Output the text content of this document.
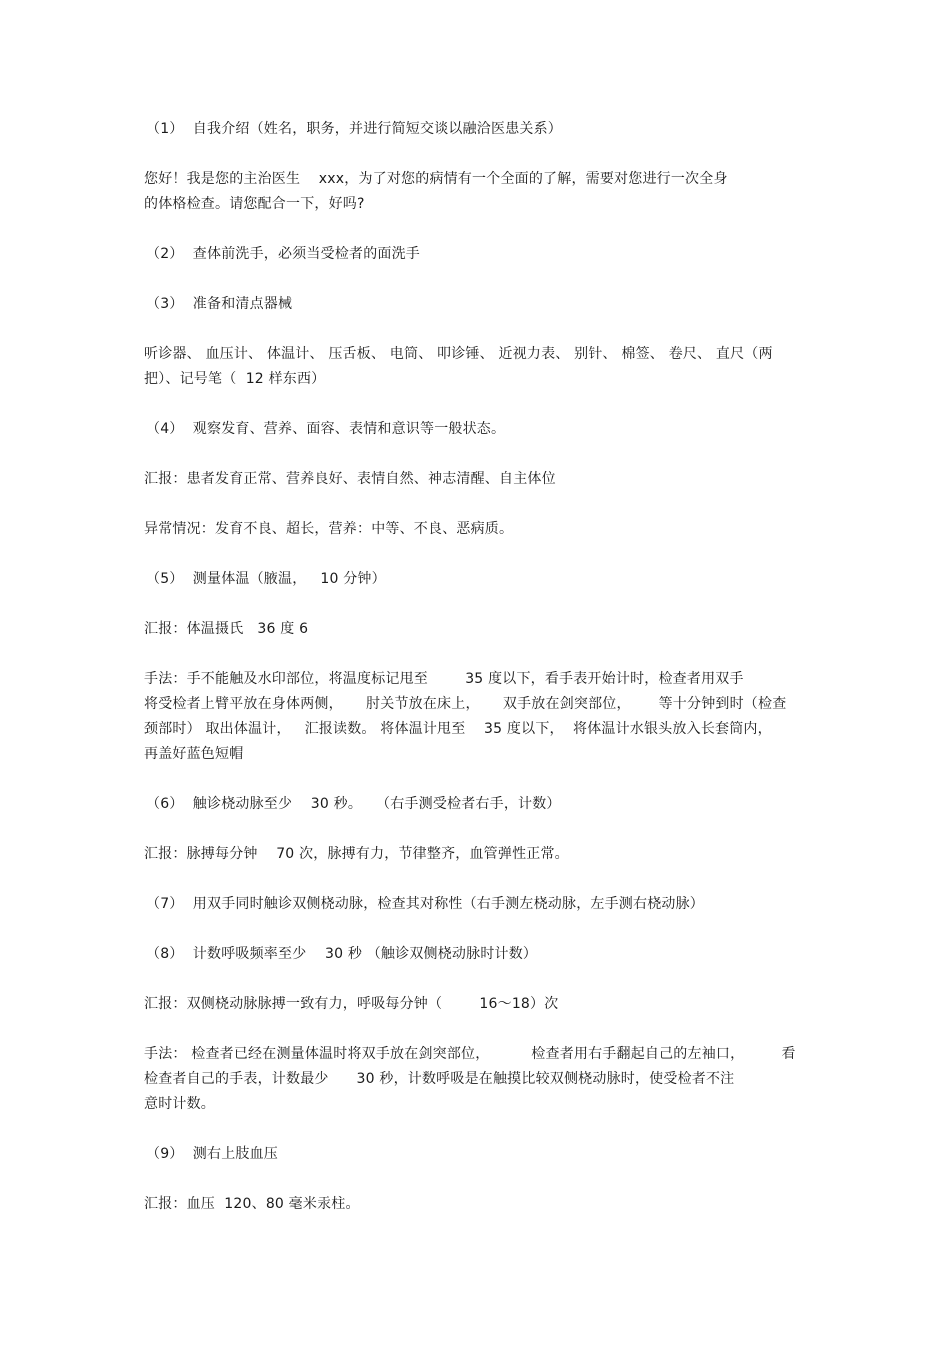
（1）  自我介绍（姓名，职务，并进行简短交谈以融洽医患关系）
您好！我是您的主治医生    xxx，为了对您的病情有一个全面的了解，需要对您进行一次全身
的体格检查。请您配合一下，好吗?
（2）  查体前洗手，必须当受检者的面洗手
（3）  准备和清点器械
听诊器、 血压计、 体温计、 压舌板、 电筒、 叩诊锤、 近视力表、 别针、 棉签、 卷尺、 直尺（两
把）、记号笔（  12 样东西）
（4）  观察发育、营养、面容、表情和意识等一般状态。
汇报：患者发育正常、营养良好、表情自然、神志清醒、自主体位
异常情况：发育不良、超长，营养：中等、不良、恶病质。
（5）  测量体温（腋温，   10 分钟）
汇报：体温摄氏   36 度 6
手法：手不能触及水印部位，将温度标记甩至        35 度以下，看手表开始计时，检查者用双手
将受检者上臂平放在身体两侧，     肘关节放在床上，     双手放在剑突部位，      等十分钟到时（检查
颈部时） 取出体温计，   汇报读数。 将体温计甩至    35 度以下，  将体温计水银头放入长套筒内，
再盖好蓝色短帽
（6）  触诊桡动脉至少    30 秒。   （右手测受检者右手，计数）
汇报：脉搏每分钟    70 次，脉搏有力，节律整齐，血管弹性正常。
（7）  用双手同时触诊双侧桡动脉，检查其对称性（右手测左桡动脉，左手测右桡动脉）
（8）  计数呼吸频率至少    30 秒 （触诊双侧桡动脉时计数）
汇报：双侧桡动脉脉搏一致有力，呼吸每分钟（        16～18）次
手法： 检查者已经在测量体温时将双手放在剑突部位，         检查者用右手翻起自己的左袖口，        看
检查者自己的手表，计数最少      30 秒，计数呼吸是在触摸比较双侧桡动脉时，使受检者不注
意时计数。
（9）  测右上肢血压
汇报：血压  120、80 毫米汞柱。
